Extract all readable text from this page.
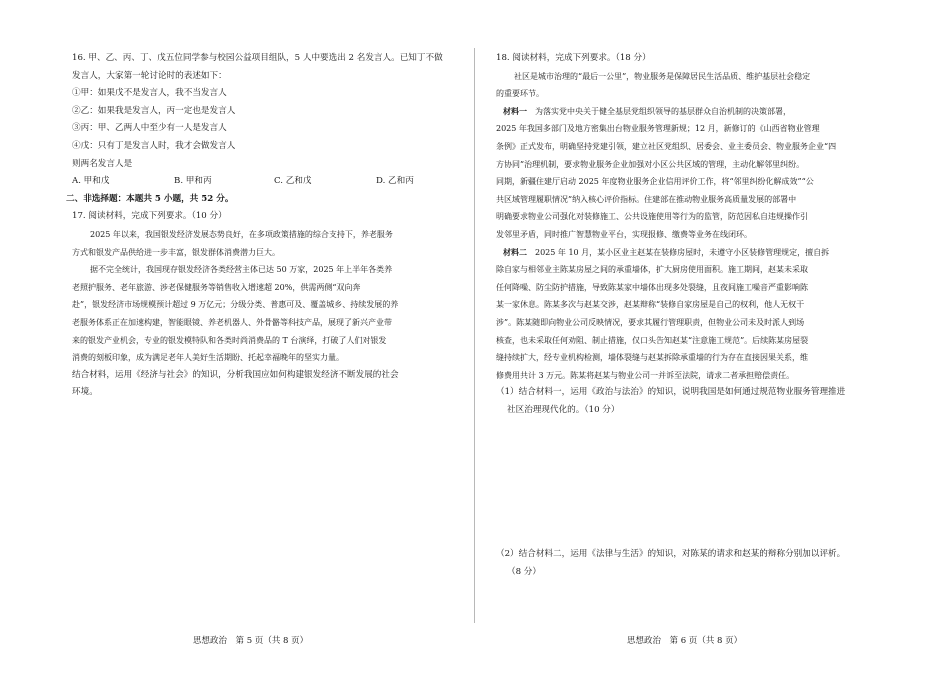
16. 甲、乙、丙、丁、戊五位同学参与校园公益项目组队，5 人中要选出 2 名发言人。已知丁不做
发言人，大家第一轮讨论时的表述如下：
①甲：如果戊不是发言人，我不当发言人
②乙：如果我是发言人，丙一定也是发言人
③丙：甲、乙两人中至少有一人是发言人
④戊：只有丁是发言人时，我才会做发言人
则两名发言人是
A. 甲和戊	B. 甲和丙	C. 乙和戊	D. 乙和丙
二、非选择题：本题共 5 小题，共 52 分。
17. 阅读材料，完成下列要求。（10 分）
2025 年以来，我国银发经济发展态势良好，在多项政策措施的综合支持下，养老服务
方式和银发产品供给进一步丰富，银发群体消费潜力巨大。
据不完全统计，我国现存银发经济各类经营主体已达 50 万家，2025 年上半年各类养
老照护服务、老年旅游、涉老保健服务等销售收入增速超 20%，供需两侧“双向奔
赴”，银发经济市场规模预计超过 9 万亿元；分级分类、普惠可及、覆盖城乡、持续发展的养
老服务体系正在加速构建，智能眼镜、养老机器人、外骨骼等科技产品，展现了新兴产业带
来的银发产业机会，专业的银发模特队和各类时尚消费品的 T 台演绎，打破了人们对银发
消费的刻板印象，成为满足老年人美好生活期盼、托起幸福晚年的坚实力量。
结合材料，运用《经济与社会》的知识，分析我国应如何构建银发经济不断发展的社会
环境。
思想政治　第 5 页（共 8 页）
18. 阅读材料，完成下列要求。（18 分）
社区是城市治理的“最后一公里”，物业服务是保障居民生活品质、维护基层社会稳定
的重要环节。
材料一　为落实党中央关于健全基层党组织领导的基层群众自治机制的决策部署，
2025 年我国多部门及地方密集出台物业服务管理新规；12 月，新修订的《山西省物业管理
条例》正式发布，明确坚持党建引领，建立社区党组织、居委会、业主委员会、物业服务企业“四
方协同”治理机制，要求物业服务企业加强对小区公共区域的管理，主动化解邻里纠纷。
同期，新疆住建厅启动 2025 年度物业服务企业信用评价工作，将“邻里纠纷化解成效”“公
共区域管理履职情况”纳入核心评价指标。住建部在推动物业服务高质量发展的部署中
明确要求物业公司强化对装修施工、公共设施使用等行为的监管，防范因私自违规操作引
发邻里矛盾，同时推广智慧物业平台，实现报修、缴费等业务在线闭环。
材料二　2025 年 10 月，某小区业主赵某在装修房屋时，未遵守小区装修管理规定，擅自拆
除自家与相邻业主陈某房屋之间的承重墙体，扩大厨房使用面积。施工期间，赵某未采取
任何降噪、防尘防护措施，导致陈某家中墙体出现多处裂缝，且夜间施工噪音严重影响陈
某一家休息。陈某多次与赵某交涉，赵某辩称“装修自家房屋是自己的权利，他人无权干
涉”。陈某随即向物业公司反映情况，要求其履行管理职责，但物业公司未及时派人到场
核查，也未采取任何劝阻、制止措施，仅口头告知赵某“注意施工规范”。后续陈某房屋裂
缝持续扩大，经专业机构检测，墙体裂缝与赵某拆除承重墙的行为存在直接因果关系，维
修费用共计 3 万元。陈某将赵某与物业公司一并诉至法院，请求二者承担赔偿责任。
（1）结合材料一，运用《政治与法治》的知识，说明我国是如何通过规范物业服务管理推进
社区治理现代化的。（10 分）
（2）结合材料二，运用《法律与生活》的知识，对陈某的请求和赵某的辩称分别加以评析。
（8 分）
思想政治　第 6 页（共 8 页）
